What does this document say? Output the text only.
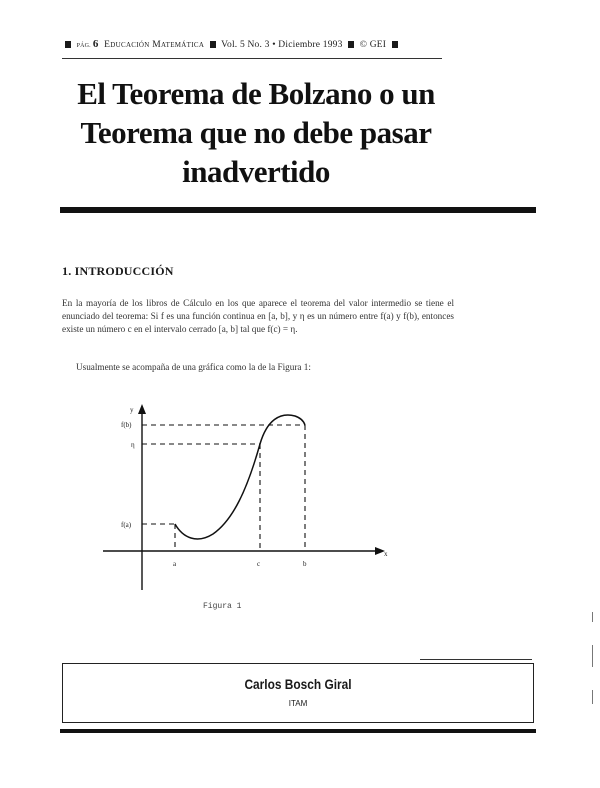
PÁG. 6 Educación Matemática Vol. 5 No. 3 • Diciembre 1993 © GEI
El Teorema de Bolzano o un
Teorema que no debe pasar
inadvertido
1. INTRODUCCIÓN

En la mayoría de los libros de Cálculo en los que aparece el teorema del valor intermedio se tiene el enunciado del teorema: Si f es una función continua en [a, b], y η es un número entre f(a) y f(b), entonces existe un número c en el intervalo cerrado [a, b] tal que f(c) = η.

Usualmente se acompaña de una gráfica como la de la Figura 1:

y
x
f(b)
η
f(a)
a	c	b
Figura 1
Carlos Bosch Giral
ITAM
